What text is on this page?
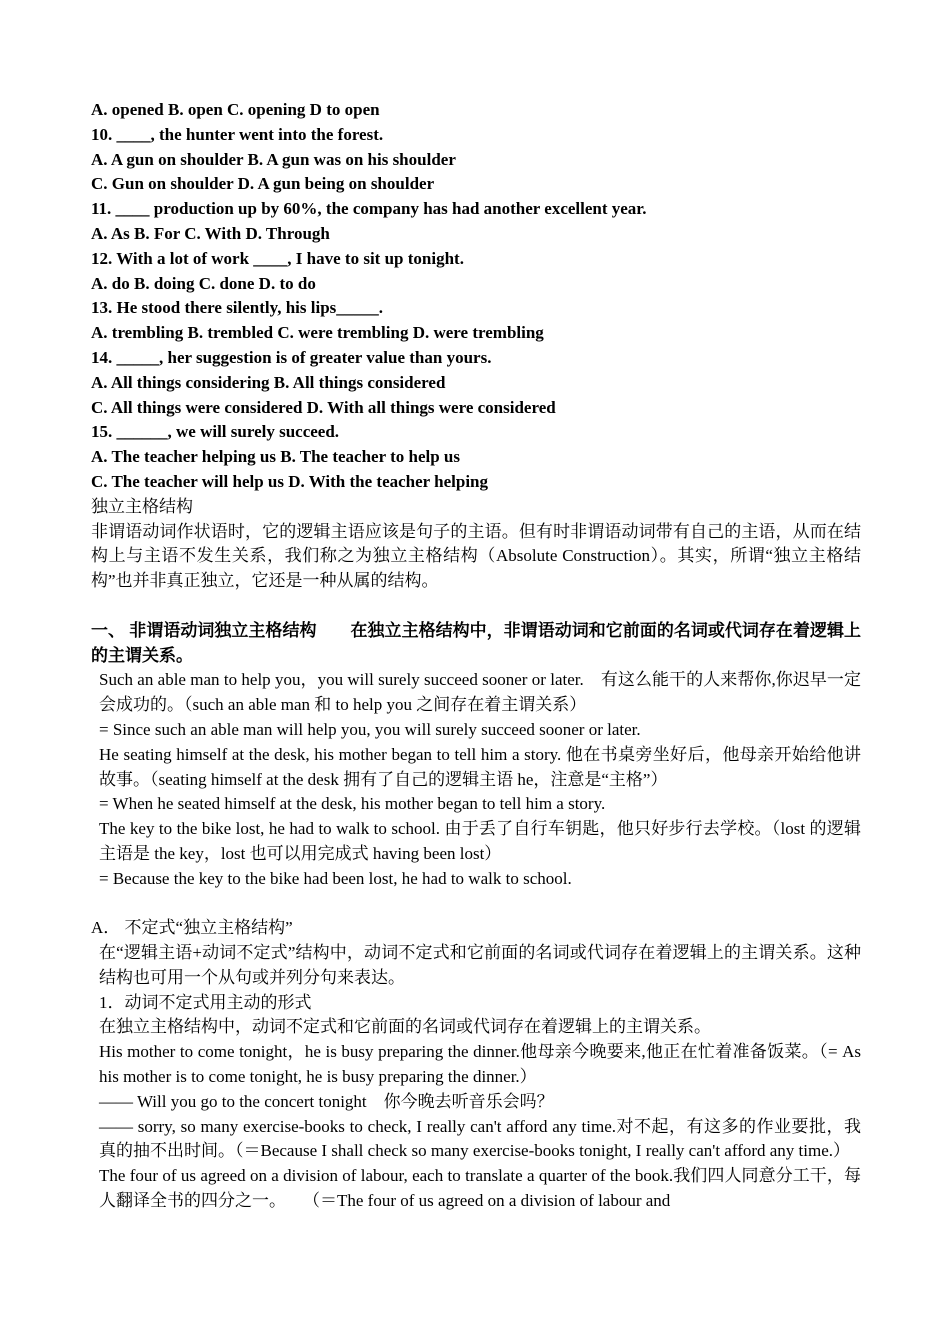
A. opened B. open C. opening D to open
10. ____, the hunter went into the forest.
A. A gun on shoulder B. A gun was on his shoulder
C. Gun on shoulder D. A gun being on shoulder
11. ____ production up by 60%, the company has had another excellent year.
A. As B. For C. With D. Through
12. With a lot of work ____, I have to sit up tonight.
A. do B. doing C. done D. to do
13. He stood there silently, his lips_____.
A. trembling B. trembled C. were trembling D. were trembling
14. _____, her suggestion is of greater value than yours.
A. All things considering B. All things considered
C. All things were considered D. With all things were considered
15. ______, we will surely succeed.
A. The teacher helping us B. The teacher to help us
C. The teacher will help us D. With the teacher helping
独立主格结构
非谓语动词作状语时，它的逻辑主语应该是句子的主语。但有时非谓语动词带有自己的主语，从而在结构上与主语不发生关系，我们称之为独立主格结构（Absolute Construction）。其实，所谓“独立主格结构”也并非真正独立，它还是一种从属的结构。
一、 非谓语动词独立主格结构　　在独立主格结构中，非谓语动词和它前面的名词或代词存在着逻辑上的主谓关系。
Such an able man to help you，you will surely succeed sooner or later.　有这么能干的人来帮你,你迟早一定会成功的。（such an able man 和 to help you 之间存在着主谓关系）
= Since such an able man will help you, you will surely succeed sooner or later.
He seating himself at the desk, his mother began to tell him a story. 他在书桌旁坐好后，他母亲开始给他讲故事。（seating himself at the desk 拥有了自己的逻辑主语 he，注意是“主格”）
= When he seated himself at the desk, his mother began to tell him a story.
The key to the bike lost, he had to walk to school. 由于丢了自行车钥匙，他只好步行去学校。（lost 的逻辑主语是 the key，lost 也可以用完成式 having been lost）
= Because the key to the bike had been lost, he had to walk to school.
A． 不定式“独立主格结构”
在“逻辑主语+动词不定式”结构中，动词不定式和它前面的名词或代词存在着逻辑上的主谓关系。这种结构也可用一个从句或并列分句来表达。
1．动词不定式用主动的形式
在独立主格结构中，动词不定式和它前面的名词或代词存在着逻辑上的主谓关系。
His mother to come tonight，he is busy preparing the dinner.他母亲今晚要来,他正在忙着准备饭菜。（= As his mother is to come tonight, he is busy preparing the dinner.）
—— Will you go to the concert tonight　你今晚去听音乐会吗？
—— sorry, so many exercise-books to check, I really can't afford any time.对不起，有这多的作业要批，我真的抽不出时间。（＝Because I shall check so many exercise-books tonight, I really can't afford any time.）
The four of us agreed on a division of labour, each to translate a quarter of the book.我们四人同意分工干，每人翻译全书的四分之一。　　（＝The four of us agreed on a division of labour and
